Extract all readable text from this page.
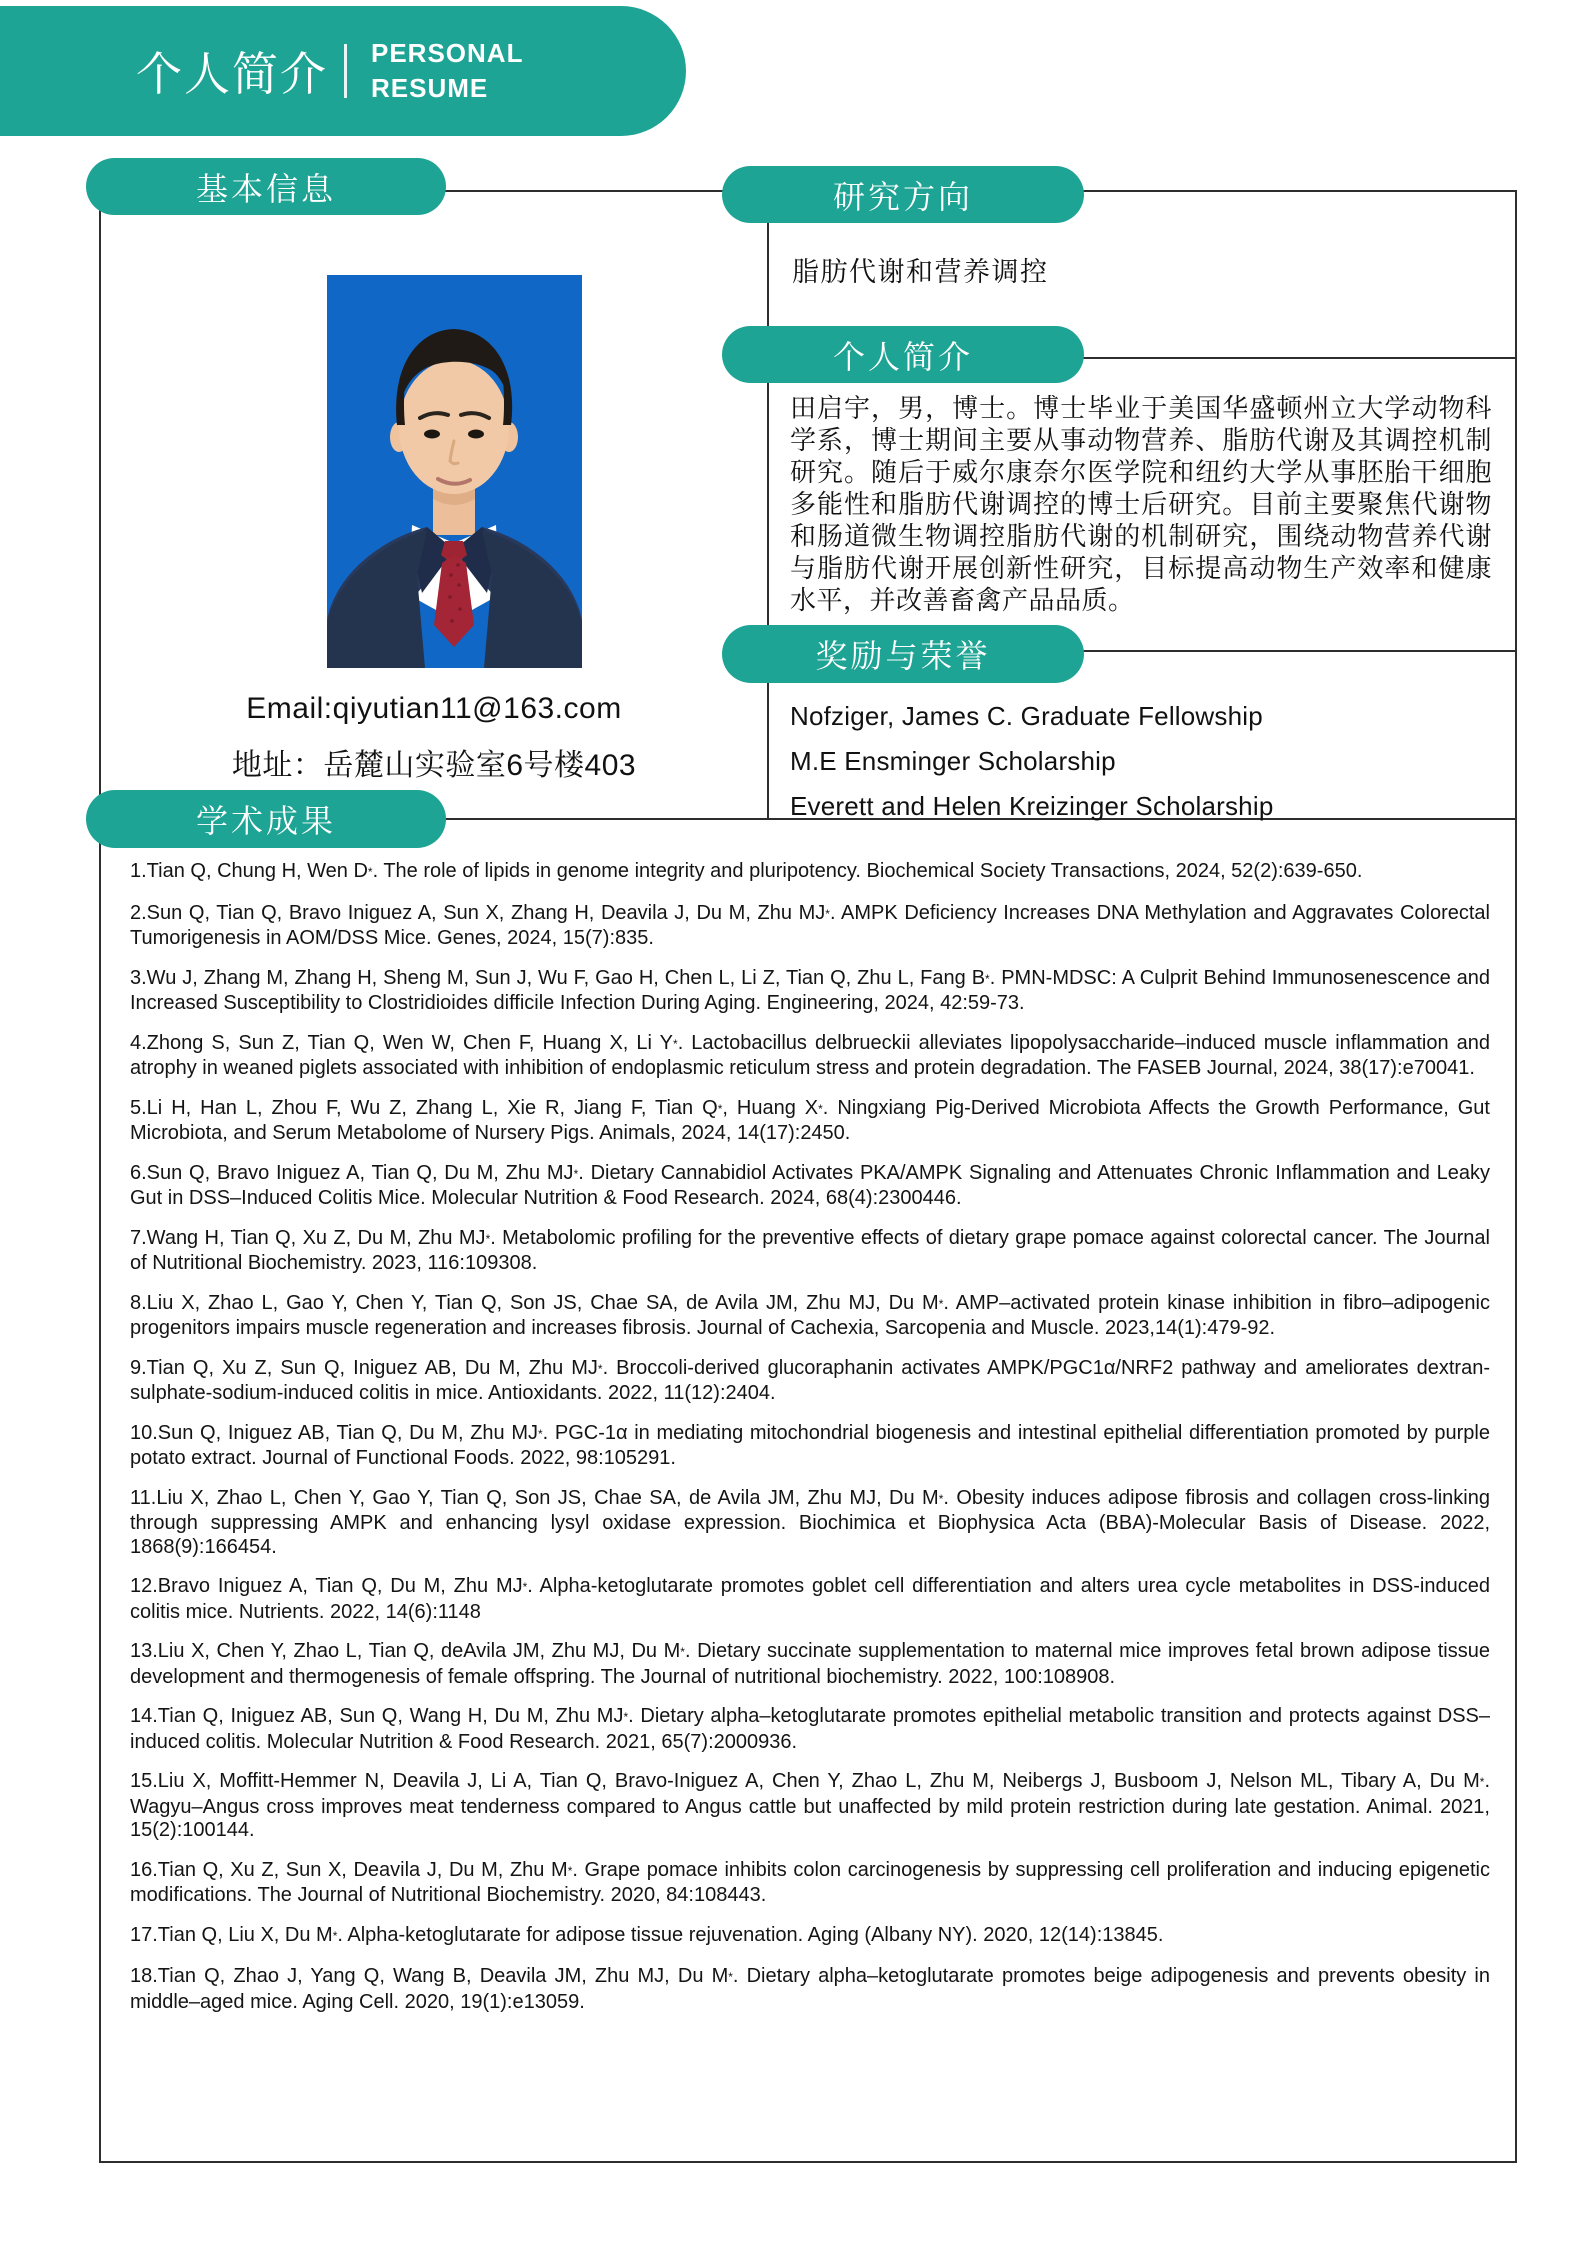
个人简介 PERSONAL
RESUME
基本信息	研究方向
个人简介
奖励与荣誉
学术成果
Email:qiyutian11@163.com
地址：岳麓山实验室6号楼403
脂肪代谢和营养调控
田启宇，男，博士。博士毕业于美国华盛顿州立大学动物科学系，博士期间主要从事动物营养、脂肪代谢及其调控机制研究。随后于威尔康奈尔医学院和纽约大学从事胚胎干细胞多能性和脂肪代谢调控的博士后研究。目前主要聚焦代谢物和肠道微生物调控脂肪代谢的机制研究，围绕动物营养代谢与脂肪代谢开展创新性研究，目标提高动物生产效率和健康水平，并改善畜禽产品品质。
Nofziger, James C. Graduate Fellowship
M.E Ensminger Scholarship
Everett and Helen Kreizinger Scholarship

1.Tian Q, Chung H, Wen D*. The role of lipids in genome integrity and pluripotency. Biochemical Society Transactions, 2024, 52(2):639-650.

2.Sun Q, Tian Q, Bravo Iniguez A, Sun X, Zhang H, Deavila J, Du M, Zhu MJ*. AMPK Deficiency Increases DNA Methylation and Aggravates Colorectal Tumorigenesis in AOM/DSS Mice. Genes, 2024, 15(7):835.

3.Wu J, Zhang M, Zhang H, Sheng M, Sun J, Wu F, Gao H, Chen L, Li Z, Tian Q, Zhu L, Fang B*. PMN-MDSC: A Culprit Behind Immunosenescence and Increased Susceptibility to Clostridioides difficile Infection During Aging. Engineering, 2024, 42:59-73.

4.Zhong S, Sun Z, Tian Q, Wen W, Chen F, Huang X, Li Y*. Lactobacillus delbrueckii alleviates lipopolysaccharide–induced muscle inflammation and atrophy in weaned piglets associated with inhibition of endoplasmic reticulum stress and protein degradation. The FASEB Journal, 2024, 38(17):e70041.

5.Li H, Han L, Zhou F, Wu Z, Zhang L, Xie R, Jiang F, Tian Q*, Huang X*. Ningxiang Pig-Derived Microbiota Affects the Growth Performance, Gut Microbiota, and Serum Metabolome of Nursery Pigs. Animals, 2024, 14(17):2450.

6.Sun Q, Bravo Iniguez A, Tian Q, Du M, Zhu MJ*. Dietary Cannabidiol Activates PKA/AMPK Signaling and Attenuates Chronic Inflammation and Leaky Gut in DSS–Induced Colitis Mice. Molecular Nutrition & Food Research. 2024, 68(4):2300446.

7.Wang H, Tian Q, Xu Z, Du M, Zhu MJ*. Metabolomic profiling for the preventive effects of dietary grape pomace against colorectal cancer. The Journal of Nutritional Biochemistry. 2023, 116:109308.

8.Liu X, Zhao L, Gao Y, Chen Y, Tian Q, Son JS, Chae SA, de Avila JM, Zhu MJ, Du M*. AMP–activated protein kinase inhibition in fibro–adipogenic progenitors impairs muscle regeneration and increases fibrosis. Journal of Cachexia, Sarcopenia and Muscle. 2023,14(1):479-92.

9.Tian Q, Xu Z, Sun Q, Iniguez AB, Du M, Zhu MJ*. Broccoli-derived glucoraphanin activates AMPK/PGC1α/NRF2 pathway and ameliorates dextran-sulphate-sodium-induced colitis in mice. Antioxidants. 2022, 11(12):2404.

10.Sun Q, Iniguez AB, Tian Q, Du M, Zhu MJ*. PGC-1α in mediating mitochondrial biogenesis and intestinal epithelial differentiation promoted by purple potato extract. Journal of Functional Foods. 2022, 98:105291.

11.Liu X, Zhao L, Chen Y, Gao Y, Tian Q, Son JS, Chae SA, de Avila JM, Zhu MJ, Du M*. Obesity induces adipose fibrosis and collagen cross-linking through suppressing AMPK and enhancing lysyl oxidase expression. Biochimica et Biophysica Acta (BBA)-Molecular Basis of Disease. 2022, 1868(9):166454.

12.Bravo Iniguez A, Tian Q, Du M, Zhu MJ*. Alpha-ketoglutarate promotes goblet cell differentiation and alters urea cycle metabolites in DSS-induced colitis mice. Nutrients. 2022, 14(6):1148

13.Liu X, Chen Y, Zhao L, Tian Q, deAvila JM, Zhu MJ, Du M*. Dietary succinate supplementation to maternal mice improves fetal brown adipose tissue development and thermogenesis of female offspring. The Journal of nutritional biochemistry. 2022, 100:108908.

14.Tian Q, Iniguez AB, Sun Q, Wang H, Du M, Zhu MJ*. Dietary alpha–ketoglutarate promotes epithelial metabolic transition and protects against DSS–induced colitis. Molecular Nutrition & Food Research. 2021, 65(7):2000936.

15.Liu X, Moffitt-Hemmer N, Deavila J, Li A, Tian Q, Bravo-Iniguez A, Chen Y, Zhao L, Zhu M, Neibergs J, Busboom J, Nelson ML, Tibary A, Du M*. Wagyu–Angus cross improves meat tenderness compared to Angus cattle but unaffected by mild protein restriction during late gestation. Animal. 2021, 15(2):100144.

16.Tian Q, Xu Z, Sun X, Deavila J, Du M, Zhu M*. Grape pomace inhibits colon carcinogenesis by suppressing cell proliferation and inducing epigenetic modifications. The Journal of Nutritional Biochemistry. 2020, 84:108443.

17.Tian Q, Liu X, Du M*. Alpha-ketoglutarate for adipose tissue rejuvenation. Aging (Albany NY). 2020, 12(14):13845.

18.Tian Q, Zhao J, Yang Q, Wang B, Deavila JM, Zhu MJ, Du M*. Dietary alpha–ketoglutarate promotes beige adipogenesis and prevents obesity in middle–aged mice. Aging Cell. 2020, 19(1):e13059.
